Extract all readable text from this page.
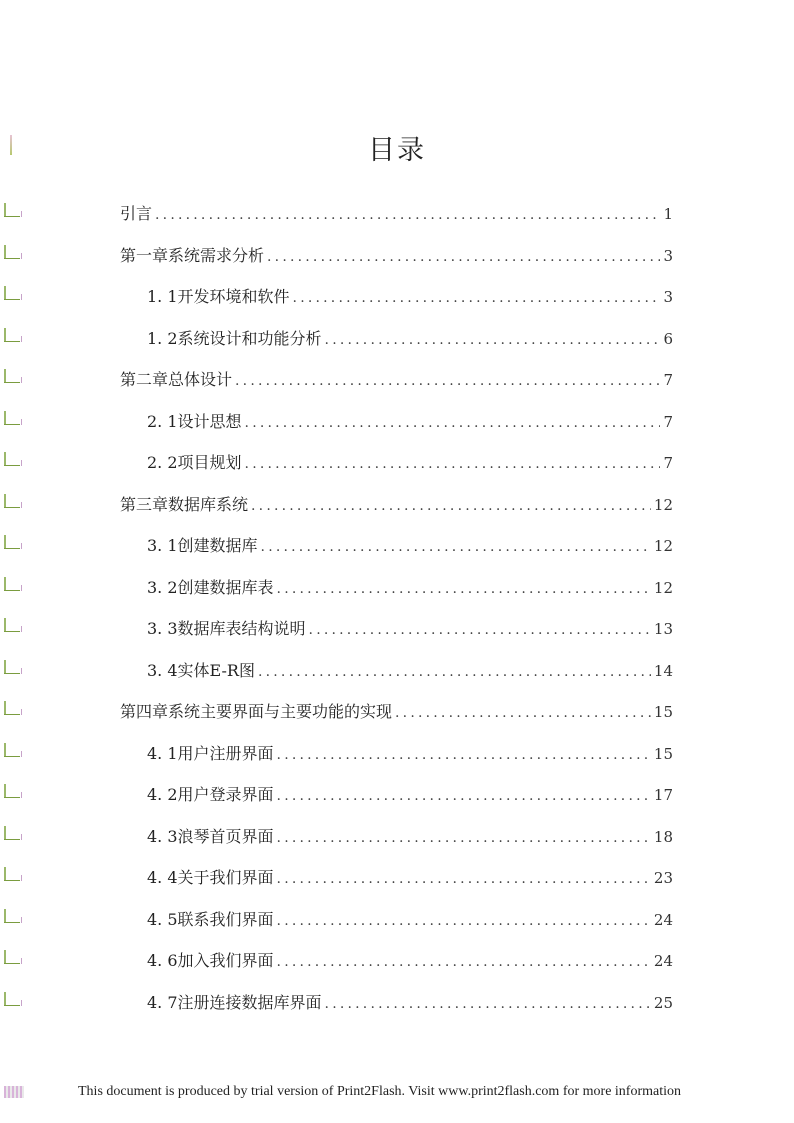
目录
引言 .....	1
第一章系统需求分析 .....	3
1. 1开发环境和软件 .....	3
1. 2系统设计和功能分析 .....	6
第二章总体设计 .....	7
2. 1设计思想 .....	7
2. 2项目规划 .....	7
第三章数据库系统 .....	12
3. 1创建数据库 .....	12
3. 2创建数据库表 .....	12
3. 3数据库表结构说明 .....	13
3. 4实体E-R图 .....	14
第四章系统主要界面与主要功能的实现 .....	15
4. 1用户注册界面 .....	15
4. 2用户登录界面 .....	17
4. 3浪琴首页界面 .....	18
4. 4关于我们界面 .....	23
4. 5联系我们界面 .....	24
4. 6加入我们界面 .....	24
4. 7注册连接数据库界面 .....	25
This document is produced by trial version of Print2Flash. Visit www.print2flash.com for more information
